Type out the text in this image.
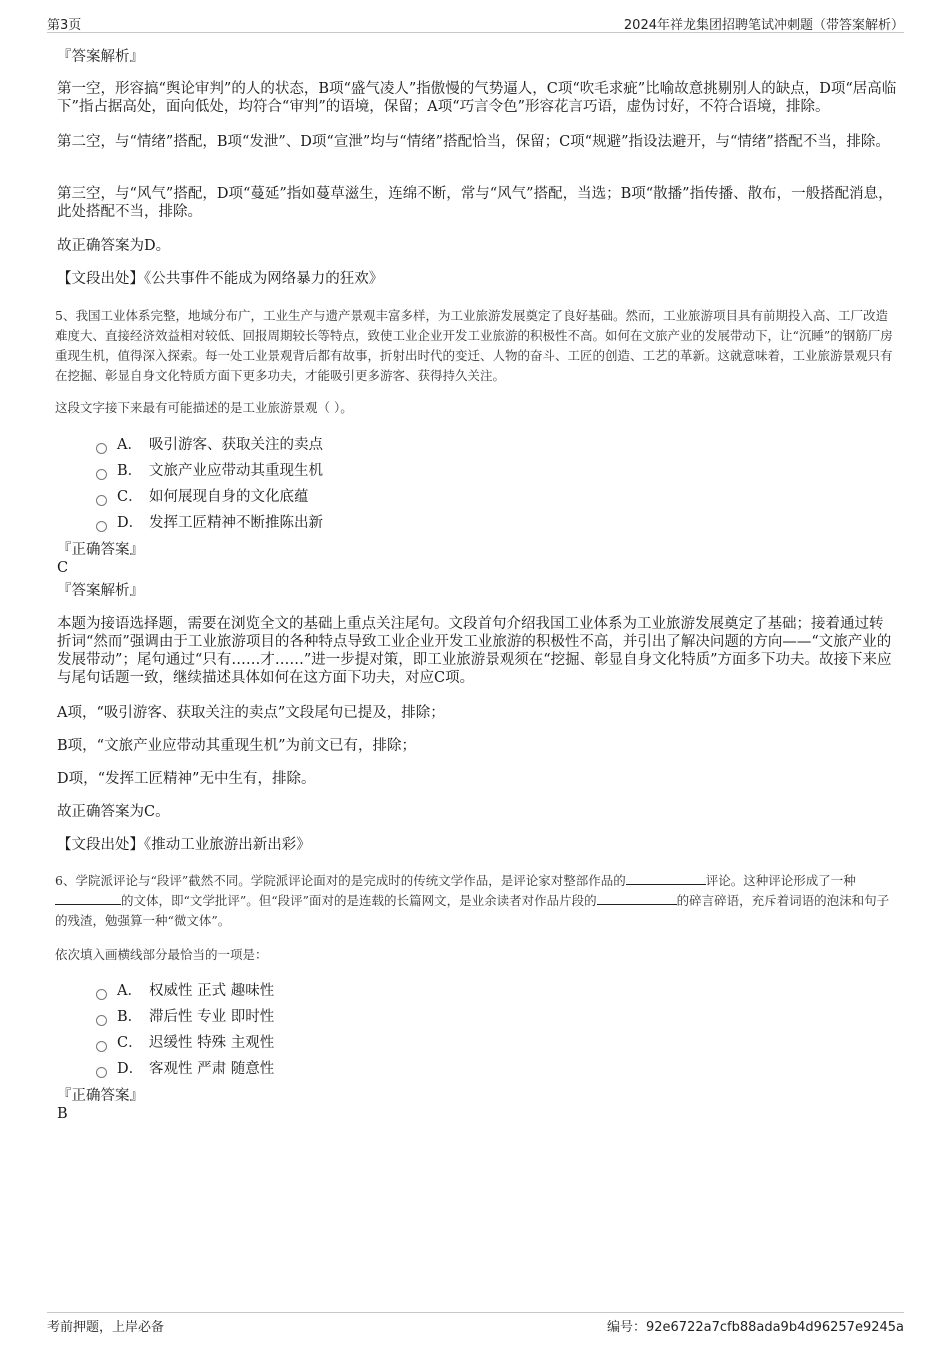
第3页	2024年祥龙集团招聘笔试冲刺题（带答案解析）
『答案解析』
第一空，形容搞“舆论审判”的人的状态，B项“盛气凌人”指傲慢的气势逼人，C项“吹毛求疵”比喻故意挑剔别人的缺点，D项“居高临下”指占据高处，面向低处，均符合“审判”的语境，保留；A项“巧言令色”形容花言巧语，虚伪讨好，不符合语境，排除。
第二空，与“情绪”搭配，B项“发泄”、D项“宣泄”均与“情绪”搭配恰当，保留；C项“规避”指设法避开，与“情绪”搭配不当，排除。
第三空，与“风气”搭配，D项“蔓延”指如蔓草滋生，连绵不断，常与“风气”搭配，当选；B项“散播”指传播、散布，一般搭配消息，此处搭配不当，排除。
故正确答案为D。
【文段出处】《公共事件不能成为网络暴力的狂欢》
5、我国工业体系完整，地域分布广，工业生产与遗产景观丰富多样，为工业旅游发展奠定了良好基础。然而，工业旅游项目具有前期投入高、工厂改造难度大、直接经济效益相对较低、回报周期较长等特点，致使工业企业开发工业旅游的积极性不高。如何在文旅产业的发展带动下，让“沉睡”的钢筋厂房重现生机，值得深入探索。每一处工业景观背后都有故事，折射出时代的变迁、人物的奋斗、工匠的创造、工艺的革新。这就意味着，工业旅游景观只有在挖掘、彰显自身文化特质方面下更多功夫，才能吸引更多游客、获得持久关注。
这段文字接下来最有可能描述的是工业旅游景观（ ）。
A． 吸引游客、获取关注的卖点
B． 文旅产业应带动其重现生机
C． 如何展现自身的文化底蕴
D． 发挥工匠精神不断推陈出新
『正确答案』
C
『答案解析』
本题为接语选择题，需要在浏览全文的基础上重点关注尾句。文段首句介绍我国工业体系为工业旅游发展奠定了基础；接着通过转折词“然而”强调由于工业旅游项目的各种特点导致工业企业开发工业旅游的积极性不高，并引出了解决问题的方向——“文旅产业的发展带动”；尾句通过“只有……才……”进一步提对策，即工业旅游景观须在“挖掘、彰显自身文化特质”方面多下功夫。故接下来应与尾句话题一致，继续描述具体如何在这方面下功夫，对应C项。
A项，“吸引游客、获取关注的卖点”文段尾句已提及，排除；
B项，“文旅产业应带动其重现生机”为前文已有，排除；
D项，“发挥工匠精神”无中生有，排除。
故正确答案为C。
【文段出处】《推动工业旅游出新出彩》
6、学院派评论与“段评”截然不同。学院派评论面对的是完成时的传统文学作品，是评论家对整部作品的	评论。这种评论形成了一种的文体，即“文学批评”。但“段评”面对的是连载的长篇网文，是业余读者对作品片段的	的碎言碎语，充斥着词语的泡沫和句子的残渣，勉强算一种“微文体”。
依次填入画横线部分最恰当的一项是：
A． 权威性 正式 趣味性
B． 滞后性 专业 即时性
C． 迟缓性 特殊 主观性
D． 客观性 严肃 随意性
『正确答案』
B
考前押题，上岸必备	编号：92e6722a7cfb88ada9b4d96257e9245a
